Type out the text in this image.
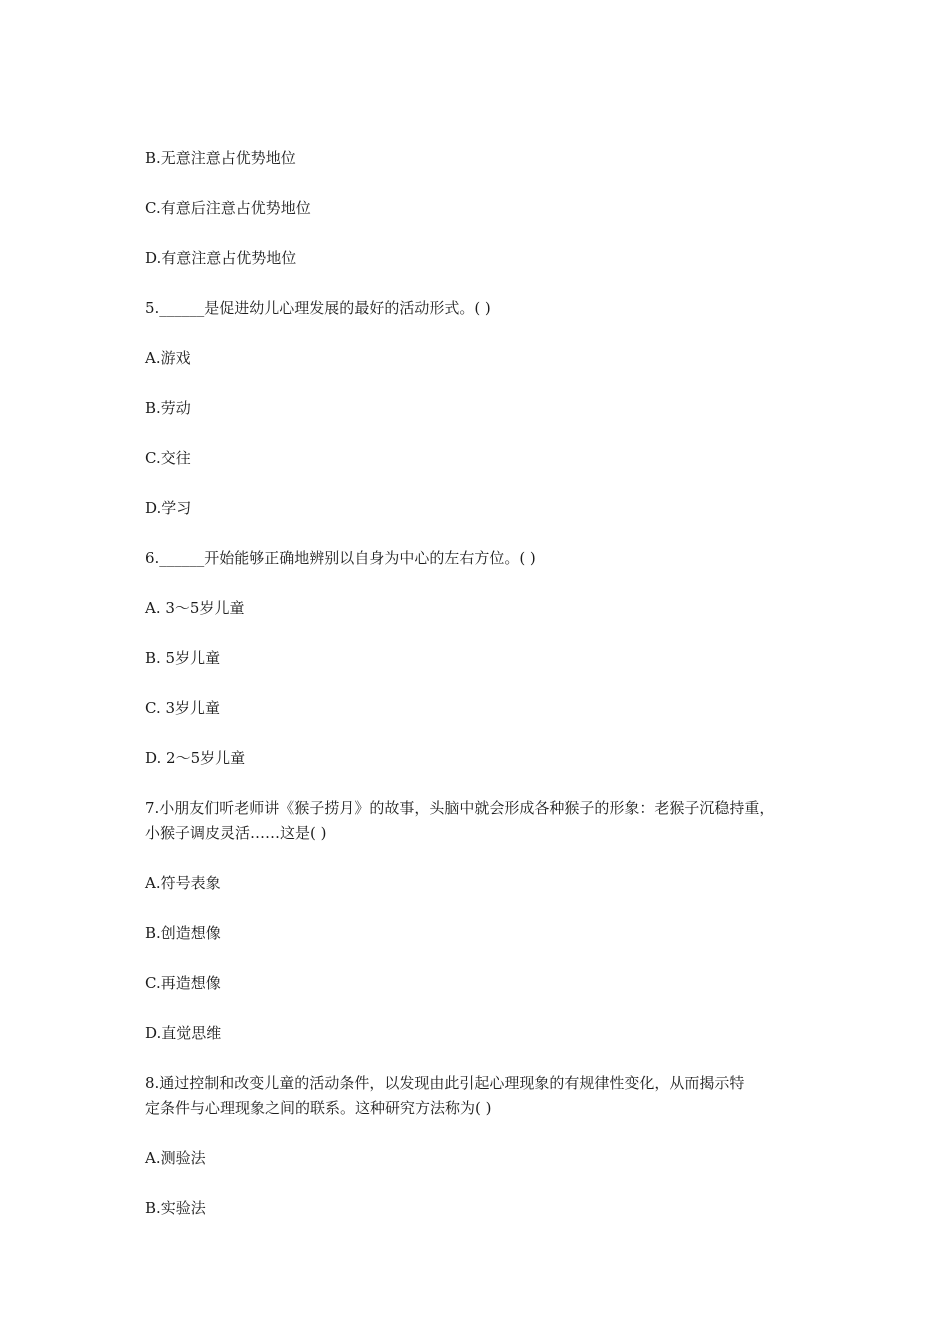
B.无意注意占优势地位
C.有意后注意占优势地位
D.有意注意占优势地位
5.______是促进幼儿心理发展的最好的活动形式。( )
A.游戏
B.劳动
C.交往
D.学习
6.______开始能够正确地辨别以自身为中心的左右方位。( )
A. 3～5岁儿童
B. 5岁儿童
C. 3岁儿童
D. 2～5岁儿童
7.小朋友们听老师讲《猴子捞月》的故事，头脑中就会形成各种猴子的形象：老猴子沉稳持重，
小猴子调皮灵活……这是( )
A.符号表象
B.创造想像
C.再造想像
D.直觉思维
8.通过控制和改变儿童的活动条件，以发现由此引起心理现象的有规律性变化，从而揭示特
定条件与心理现象之间的联系。这种研究方法称为( )
A.测验法
B.实验法
